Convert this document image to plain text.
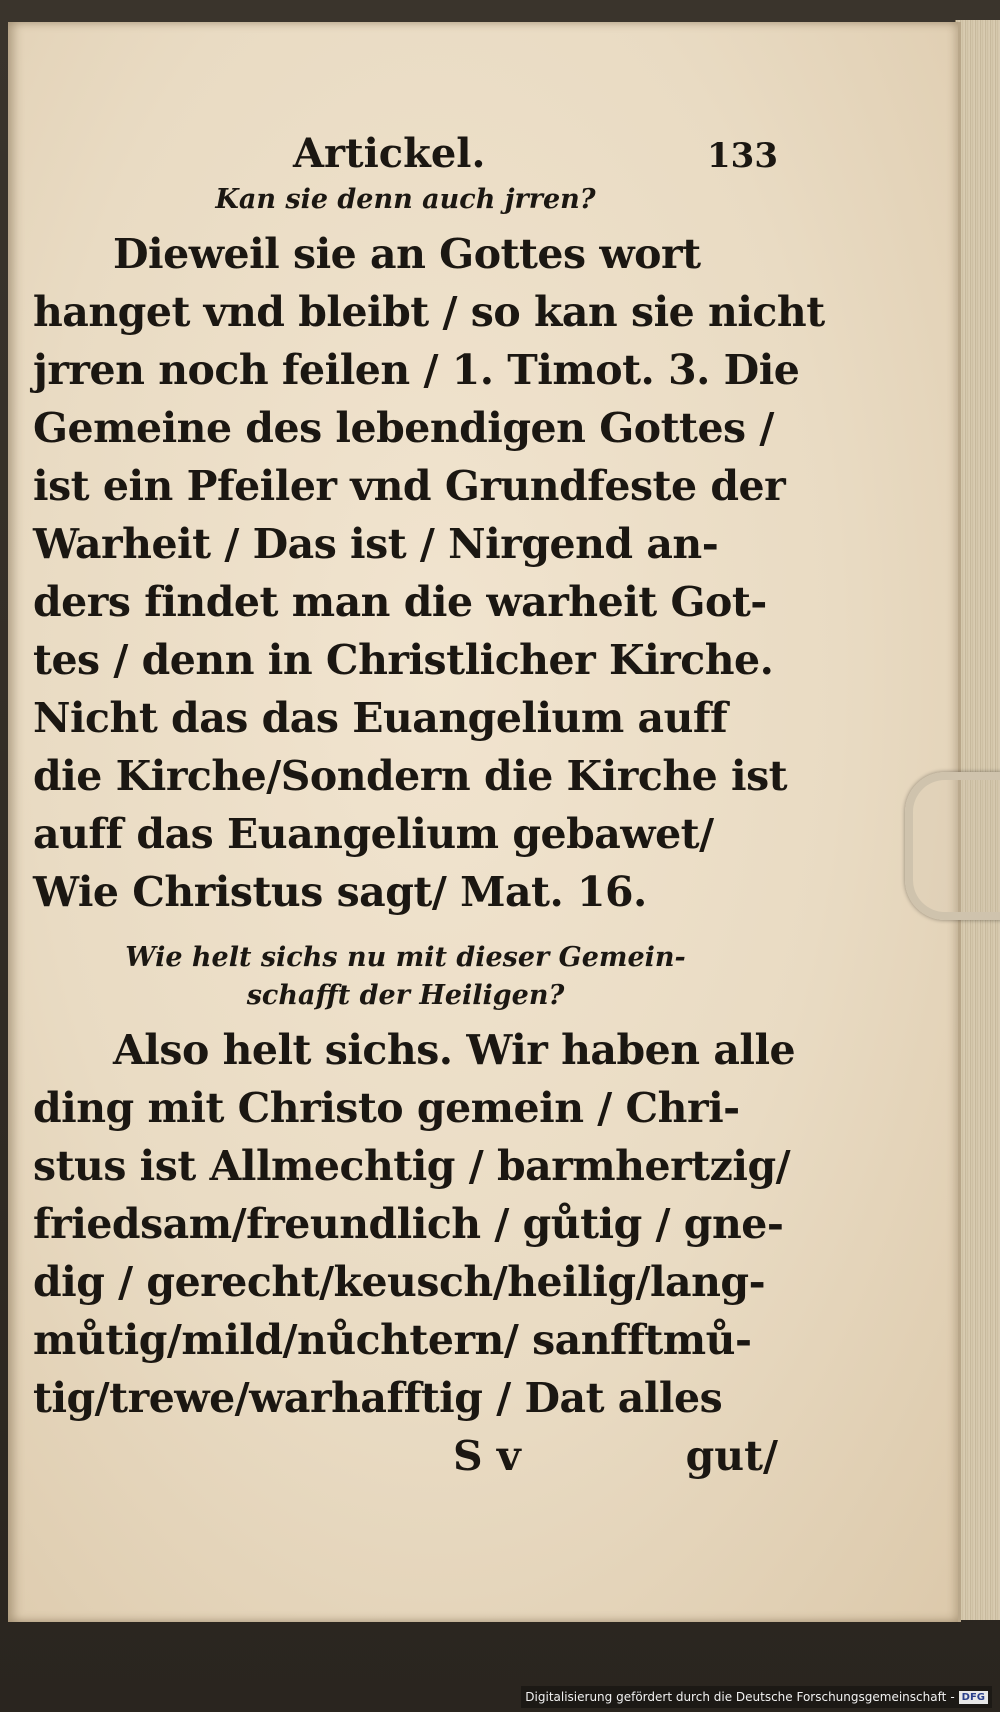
Artickel.	133
Kan sie denn auch jrren?
Dieweil sie an Gottes wort
hanget vnd bleibt / so kan sie nicht
jrren noch feilen / 1. Timot. 3. Die
Gemeine des lebendigen Gottes /
ist ein Pfeiler vnd Grundfeste der
Warheit / Das ist / Nirgend an-
ders findet man die warheit Got-
tes / denn in Christlicher Kirche.
Nicht das das Euangelium auff
die Kirche/Sondern die Kirche ist
auff das Euangelium gebawet/
Wie Christus sagt/ Mat. 16.
Wie helt sichs nu mit dieser Gemein-
schafft der Heiligen?
Also helt sichs. Wir haben alle
ding mit Christo gemein / Chri-
stus ist Allmechtig / barmhertzig/
friedsam/freundlich / gůtig / gne-
dig / gerecht/keusch/heilig/lang-
můtig/mild/nůchtern/ sanfftmů-
tig/trewe/warhafftig / Dat alles
S v	gut/
Digitalisierung gefördert durch die Deutsche Forschungsgemeinschaft - DFG
